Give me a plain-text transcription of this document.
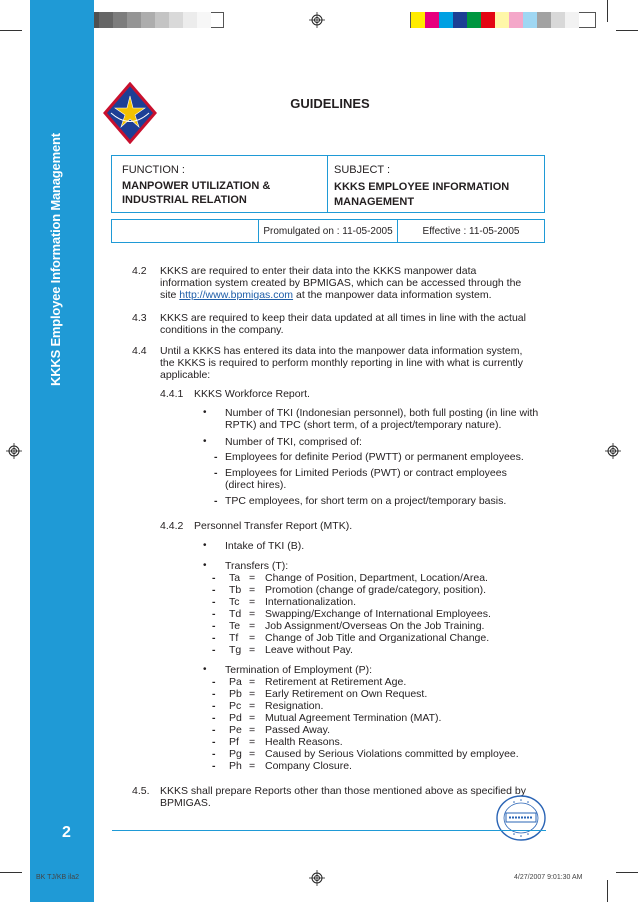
KKKS Employee Information Management
2
GUIDELINES
FUNCTION :
MANPOWER UTILIZATION &
INDUSTRIAL RELATION
SUBJECT :
KKKS EMPLOYEE INFORMATION
MANAGEMENT
Promulgated on : 11-05-2005	Effective : 11-05-2005
4.2 KKKS are required to enter their data into the KKKS manpower data
information system created by BPMIGAS, which can be accessed through the
site http://www.bpmigas.com at the manpower data information system.
4.3 KKKS are required to keep their data updated at all times in line with the actual
conditions in the company.
4.4 Until a KKKS has entered its data into the manpower data information system,
the KKKS is required to perform monthly reporting in line with what is currently
applicable:
4.4.1 KKKS Workforce Report.
• Number of TKI (Indonesian personnel), both full posting (in line with
RPTK) and TPC (short term, of a project/temporary nature).
• Number of TKI, comprised of:
- Employees for definite Period (PWTT) or permanent employees.
- Employees for Limited Periods (PWT) or contract employees
(direct hires).
- TPC employees, for short term on a project/temporary basis.
4.4.2 Personnel Transfer Report (MTK).
• Intake of TKI (B).
• Transfers (T):
- Ta = Change of Position, Department, Location/Area.
- Tb = Promotion (change of grade/category, position).
- Tc = Internationalization.
- Td = Swapping/Exchange of International Employees.
- Te = Job Assignment/Overseas On the Job Training.
- Tf = Change of Job Title and Organizational Change.
- Tg = Leave without Pay.
• Termination of Employment (P):
- Pa = Retirement at Retirement Age.
- Pb = Early Retirement on Own Request.
- Pc = Resignation.
- Pd = Mutual Agreement Termination (MAT).
- Pe = Passed Away.
- Pf = Health Reasons.
- Pg = Caused by Serious Violations committed by employee.
- Ph = Company Closure.
4.5. KKKS shall prepare Reports other than those mentioned above as specified by
BPMIGAS.
BK TJ/KB ila2	4/27/2007 9:01:30 AM
